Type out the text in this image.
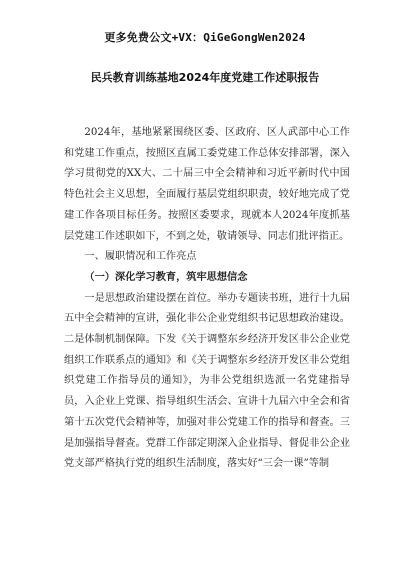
更多免费公文+VX：QiGeGongWen2024
民兵教育训练基地2024年度党建工作述职报告

2024年，基地紧紧围绕区委、区政府、区人武部中心工作和党建工作重点，按照区直属工委党建工作总体安排部署，深入学习贯彻党的XX大、二十届三中全会精神和习近平新时代中国特色社会主义思想，全面履行基层党组织职责，较好地完成了党建工作各项目标任务。按照区委要求，现就本人2024年度抓基层党建工作述职如下，不到之处，敬请领导、同志们批评指正。

一、履职情况和工作亮点

（一）深化学习教育，筑牢思想信念

一是思想政治建设摆在首位。举办专题读书班，进行十九届五中全会精神的宣讲，强化非公企业党组织书记思想政治建设。二是体制机制保障。下发《关于调整东乡经济开发区非公企业党组织工作联系点的通知》和《关于调整东乡经济开发区非公党组织党建工作指导员的通知》，为非公党组织选派一名党建指导员，入企业上党课、指导组织生活会、宣讲十九届六中全会和省第十五次党代会精神等，加强对非公党建工作的指导和督查。三是加强指导督查。党群工作部定期深入企业指导、督促非公企业党支部严格执行党的组织生活制度，落实好“三会一课”等制
